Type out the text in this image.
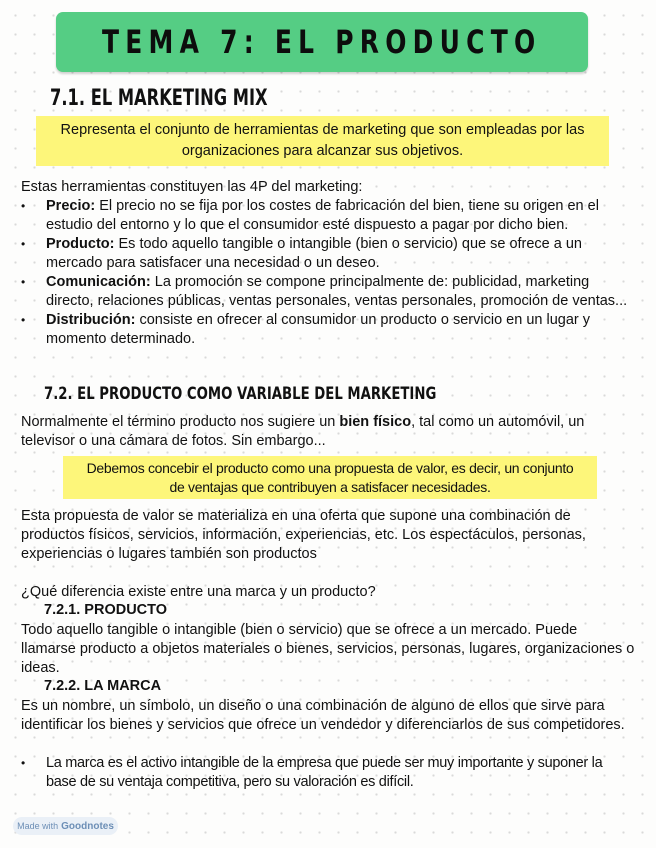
TEMA 7: EL PRODUCTO
7.1. EL MARKETING MIX
Representa el conjunto de herramientas de marketing que son empleadas por las organizaciones para alcanzar sus objetivos.
Estas herramientas constituyen las 4P del marketing:
• Precio: El precio no se fija por los costes de fabricación del bien, tiene su origen en el estudio del entorno y lo que el consumidor esté dispuesto a pagar por dicho bien.
• Producto: Es todo aquello tangible o intangible (bien o servicio) que se ofrece a un mercado para satisfacer una necesidad o un deseo.
• Comunicación: La promoción se compone principalmente de: publicidad, marketing directo, relaciones públicas, ventas personales, ventas personales, promoción de ventas...
• Distribución: consiste en ofrecer al consumidor un producto o servicio en un lugar y momento determinado.
7.2. EL PRODUCTO COMO VARIABLE DEL MARKETING
Normalmente el término producto nos sugiere un bien físico, tal como un automóvil, un televisor o una cámara de fotos. Sin embargo...
Debemos concebir el producto como una propuesta de valor, es decir, un conjunto de ventajas que contribuyen a satisfacer necesidades.
Esta propuesta de valor se materializa en una oferta que supone una combinación de productos físicos, servicios, información, experiencias, etc. Los espectáculos, personas, experiencias o lugares también son productos
¿Qué diferencia existe entre una marca y un producto?
7.2.1. PRODUCTO
Todo aquello tangible o intangible (bien o servicio) que se ofrece a un mercado. Puede llamarse producto a objetos materiales o bienes, servicios, personas, lugares, organizaciones o ideas.
7.2.2. LA MARCA
Es un nombre, un símbolo, un diseño o una combinación de alguno de ellos que sirve para identificar los bienes y servicios que ofrece un vendedor y diferenciarlos de sus competidores.
• La marca es el activo intangible de la empresa que puede ser muy importante y suponer la base de su ventaja competitiva, pero su valoración es difícil.
Made with Goodnotes
